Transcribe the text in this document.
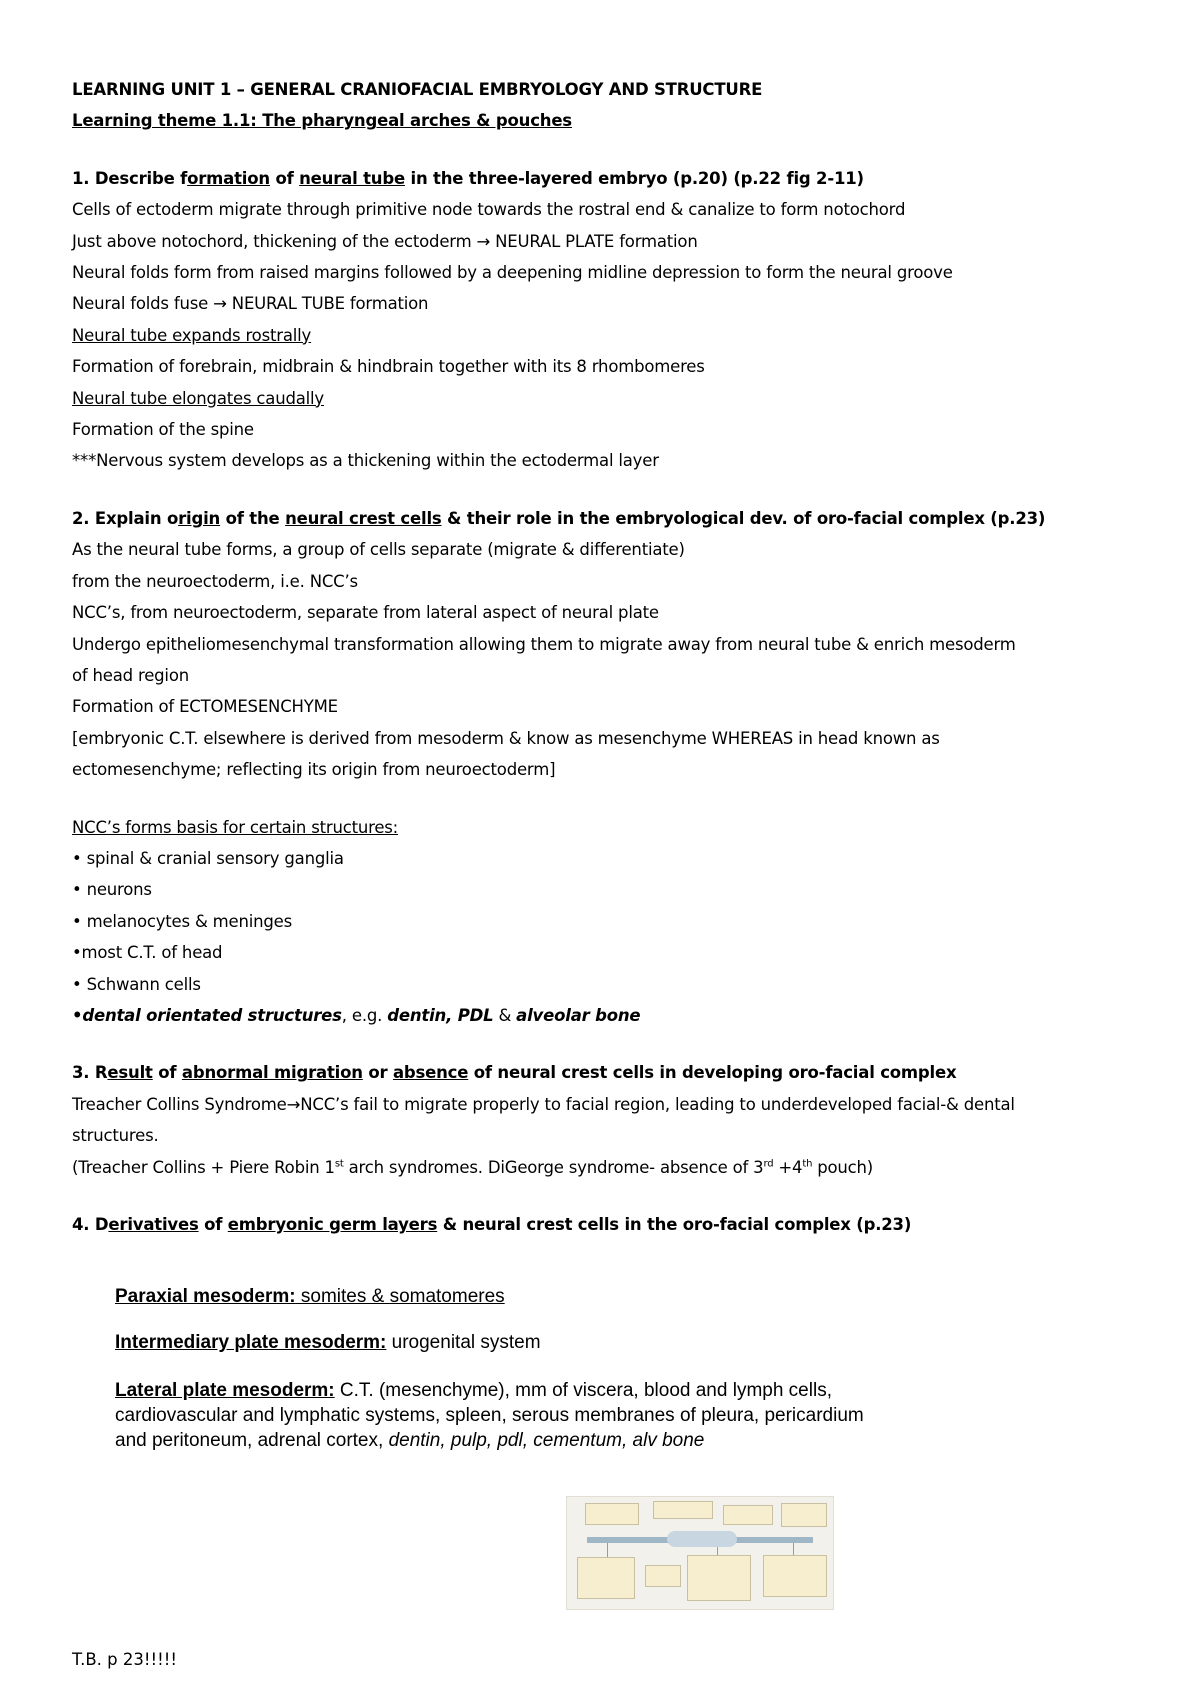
LEARNING UNIT 1 – GENERAL CRANIOFACIAL EMBRYOLOGY AND STRUCTURE

Learning theme 1.1: The pharyngeal arches & pouches

1. Describe formation of neural tube in the three-layered embryo (p.20) (p.22 fig 2-11)

Cells of ectoderm migrate through primitive node towards the rostral end & canalize to form notochord

Just above notochord, thickening of the ectoderm → NEURAL PLATE formation

Neural folds form from raised margins followed by a deepening midline depression to form the neural groove

Neural folds fuse → NEURAL TUBE formation

Neural tube expands rostrally

Formation of forebrain, midbrain & hindbrain together with its 8 rhombomeres

Neural tube elongates caudally

Formation of the spine

***Nervous system develops as a thickening within the ectodermal layer

2. Explain origin of the neural crest cells & their role in the embryological dev. of oro-facial complex (p.23)

As the neural tube forms, a group of cells separate (migrate & differentiate)

from the neuroectoderm, i.e. NCC’s

NCC’s, from neuroectoderm, separate from lateral aspect of neural plate

Undergo epitheliomesenchymal transformation allowing them to migrate away from neural tube & enrich mesoderm

of head region

Formation of ECTOMESENCHYME

[embryonic C.T. elsewhere is derived from mesoderm & know as mesenchyme WHEREAS in head known as

ectomesenchyme; reflecting its origin from neuroectoderm]

NCC’s forms basis for certain structures:

• spinal & cranial sensory ganglia

• neurons

• melanocytes & meninges

•most C.T. of head

• Schwann cells

•dental orientated structures, e.g. dentin, PDL & alveolar bone

3. Result of abnormal migration or absence of neural crest cells in developing oro-facial complex

Treacher Collins Syndrome→NCC’s fail to migrate properly to facial region, leading to underdeveloped facial-& dental

structures.

(Treacher Collins + Piere Robin 1st arch syndromes. DiGeorge syndrome- absence of 3rd +4th pouch)

4. Derivatives of embryonic germ layers & neural crest cells in the oro-facial complex (p.23)

Paraxial mesoderm: somites & somatomeres
Intermediary plate mesoderm: urogenital system
Lateral plate mesoderm: C.T. (mesenchyme), mm of viscera, blood and lymph cells,
cardiovascular and lymphatic systems, spleen, serous membranes of pleura, pericardium
and peritoneum, adrenal cortex, dentin, pulp, pdl, cementum, alv bone
T.B. p 23!!!!!
